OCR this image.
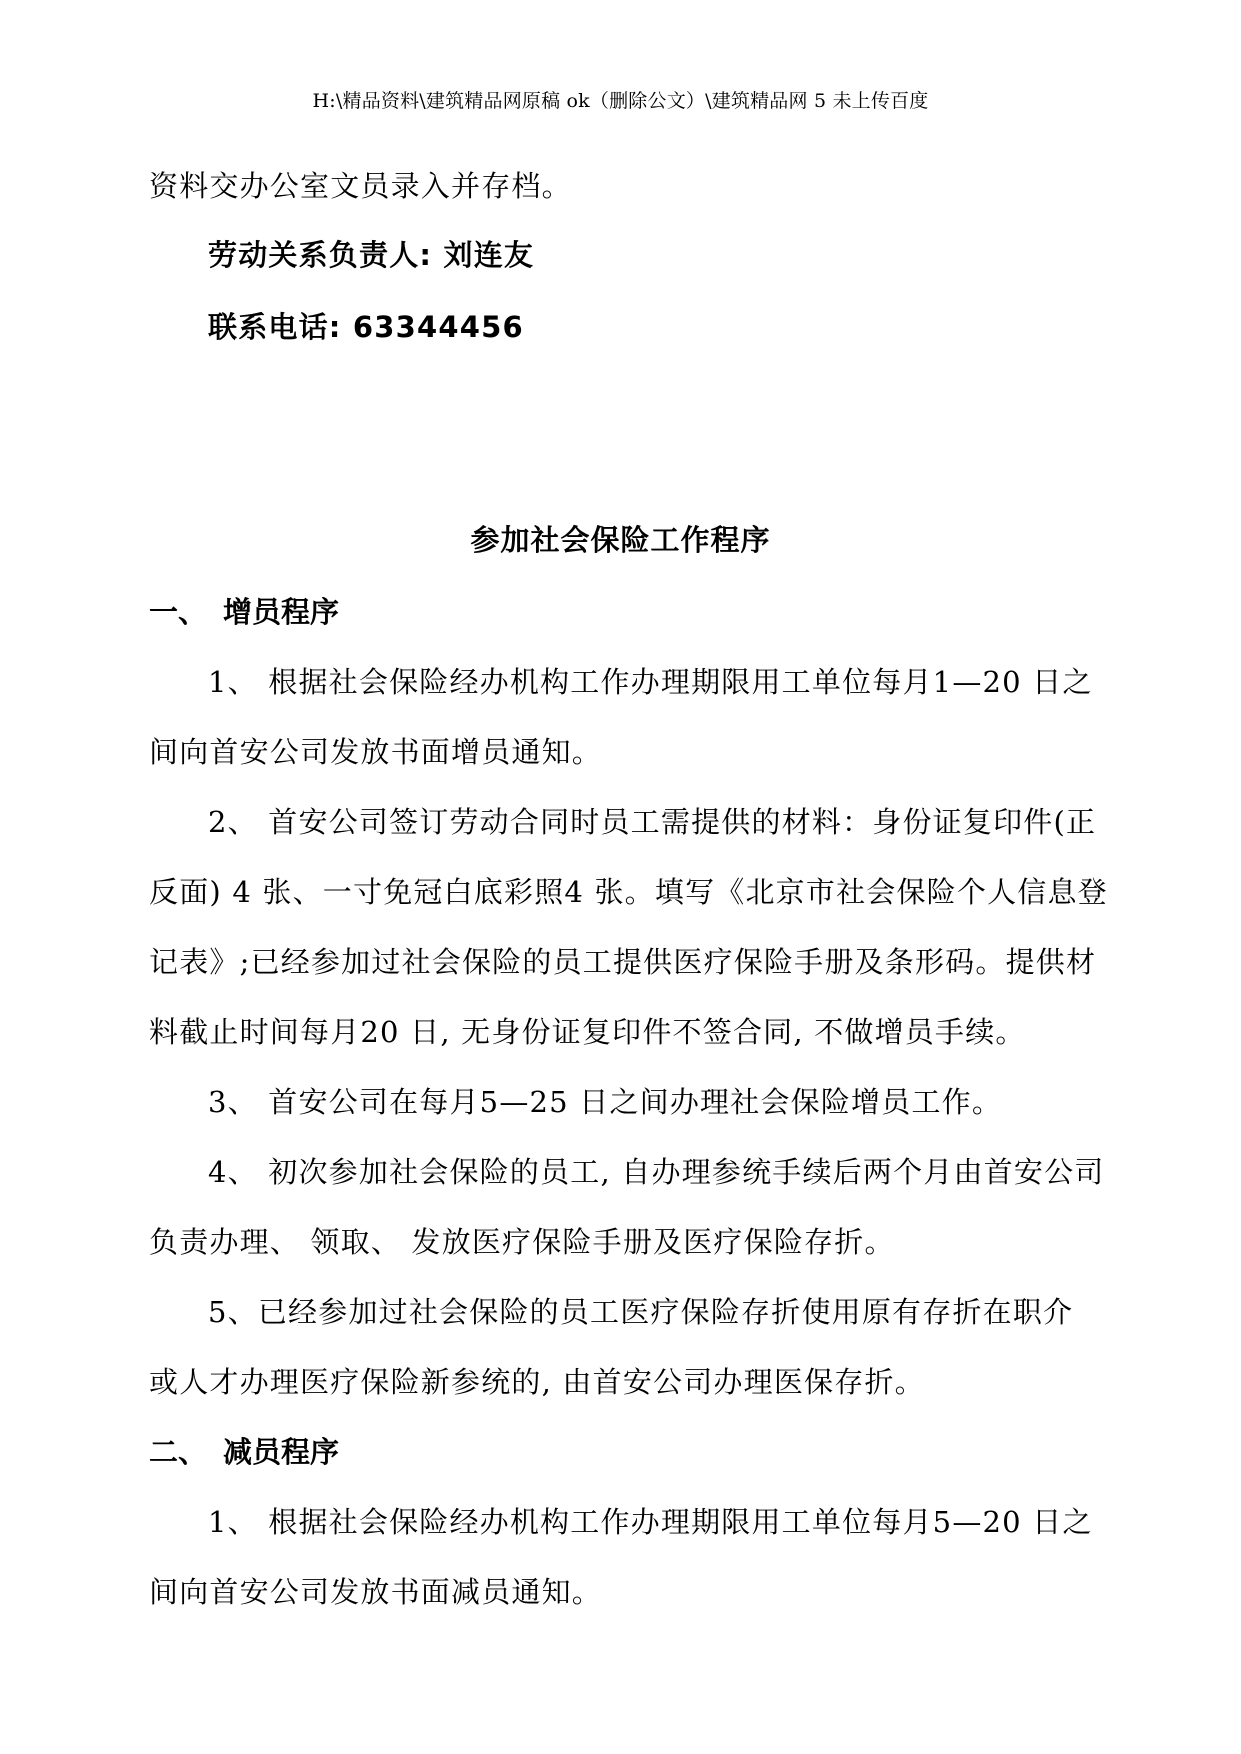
H:\精品资料\建筑精品网原稿 ok（删除公文）\建筑精品网 5 未上传百度
资料交办公室文员录入并存档。
劳动关系负责人: 刘连友
联系电话: 63344456
参加社会保险工作程序
一、 增员程序
1、 根据社会保险经办机构工作办理期限用工单位每月1—20 日之
间向首安公司发放书面增员通知。
2、 首安公司签订劳动合同时员工需提供的材料：身份证复印件(正
反面) 4 张、一寸免冠白底彩照4 张。填写《北京市社会保险个人信息登
记表》;已经参加过社会保险的员工提供医疗保险手册及条形码。提供材
料截止时间每月20 日, 无身份证复印件不签合同, 不做增员手续。
3、 首安公司在每月5—25 日之间办理社会保险增员工作。
4、 初次参加社会保险的员工, 自办理参统手续后两个月由首安公司
负责办理、 领取、 发放医疗保险手册及医疗保险存折。
5、已经参加过社会保险的员工医疗保险存折使用原有存折在职介
或人才办理医疗保险新参统的, 由首安公司办理医保存折。
二、 减员程序
1、 根据社会保险经办机构工作办理期限用工单位每月5—20 日之
间向首安公司发放书面减员通知。
